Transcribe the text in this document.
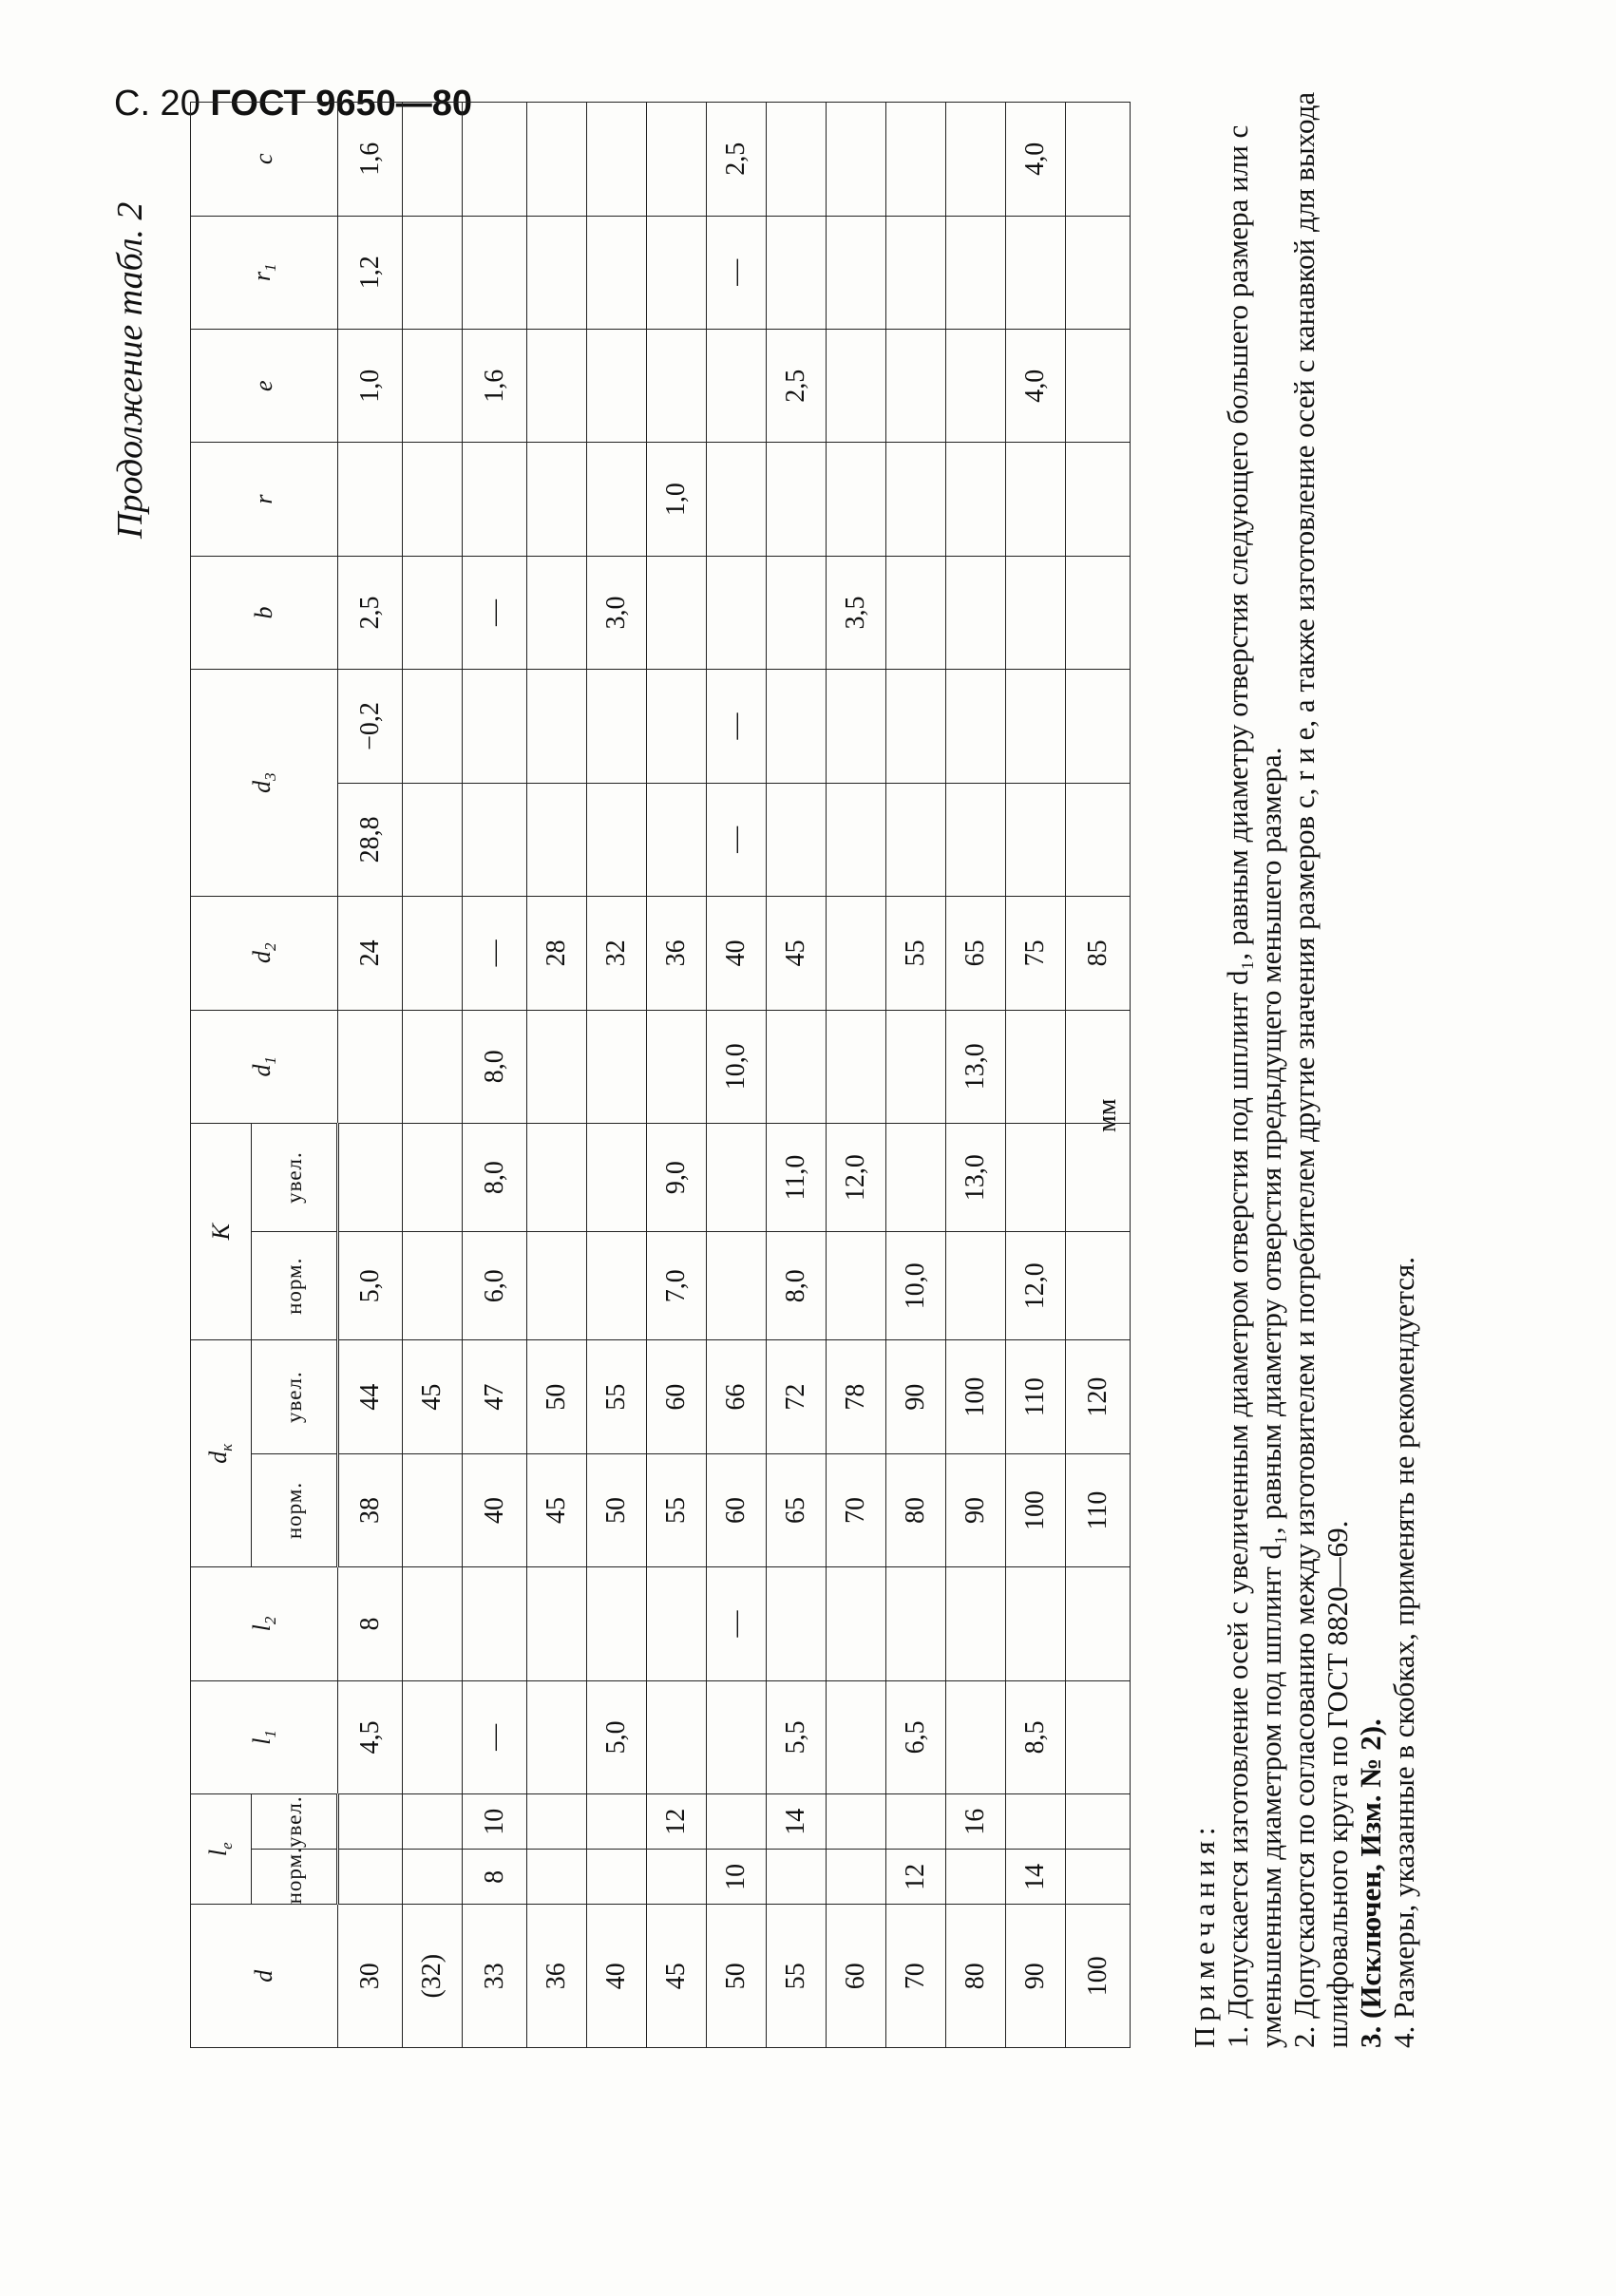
С. 20 ГОСТ 9650—80
Продолжение табл. 2
мм
d	$l_e$		$l_1$	$l_2$	$d_к$		K		$d_1$	$d_2$	$d_3$		b	r	e	$r_1$	c
	норм.	увел.			норм.	увел.	норм.	увел.									
30			4,5	8	38	44	5,0			24	28,8	−0,2	2,5		1,0	1,2	1,6
(32)						45											
33	8	10	—		40	47	6,0	8,0	8,0	—			—		1,6		
36					45	50				28							
40			5,0		50	55				32			3,0				
45		12			55	60	7,0	9,0		36				1,0			
50	10			—	60	66			10,0	40	—	—				—	2,5
55		14	5,5		65	72	8,0	11,0		45					2,5		
60					70	78		12,0					3,5				
70	12		6,5		80	90	10,0			55							
80		16			90	100		13,0	13,0	65							
90	14		8,5		100	110	12,0			75					4,0		4,0
100					110	120				85							

Примечания: 1. Допускается изготовление осей с увеличенным диаметром отверстия под шплинт d₁, равным диаметру отверстия следующего большего размера или с уменьшенным диаметром под шплинт d₁, равным диаметру отверстия предыдущего меньшего размера. 2. Допускаются по согласованию между изготовителем и потребителем другие значения размеров c, r и e, а также изготовление осей с канавкой для выхода шлифовального круга по ГОСТ 8820—69. 3. (Исключен, Изм. № 2). 4. Размеры, указанные в скобках, применять не рекомендуется.
